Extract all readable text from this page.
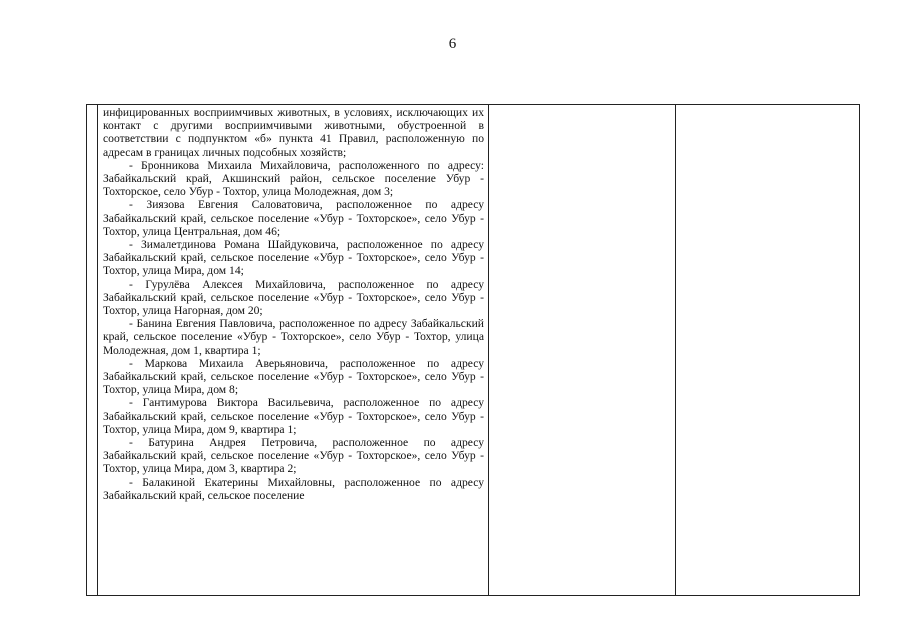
6

инфицированных восприимчивых животных, в условиях, исключающих их контакт с другими восприимчивыми животными, обустроенной в соответствии с подпунктом «б» пункта 41 Правил, расположенную по адресам в границах личных подсобных хозяйств;

- Бронникова Михаила Михайловича, расположенного по адресу: Забайкальский край, Акшинский район, сельское поселение Убур - Тохторское, село Убур - Тохтор, улица Молодежная, дом 3;

- Зиязова Евгения Саловатовича, расположенное по адресу Забайкальский край, сельское поселение «Убур - Тохторское», село Убур - Тохтор, улица Центральная, дом 46;

- Зималетдинова Романа Шайдуковича, расположенное по адресу Забайкальский край, сельское поселение «Убур - Тохторское», село Убур - Тохтор, улица Мира, дом 14;

- Гурулёва Алексея Михайловича, расположенное по адресу Забайкальский край, сельское поселение «Убур - Тохторское», село Убур - Тохтор, улица Нагорная, дом 20;

- Банина Евгения Павловича, расположенное по адресу Забайкальский край, сельское поселение «Убур - Тохторское», село Убур - Тохтор, улица Молодежная, дом 1, квартира 1;

- Маркова Михаила Аверьяновича, расположенное по адресу Забайкальский край, сельское поселение «Убур - Тохторское», село Убур - Тохтор, улица Мира, дом 8;

- Гантимурова Виктора Васильевича, расположенное по адресу Забайкальский край, сельское поселение «Убур - Тохторское», село Убур - Тохтор, улица Мира, дом 9, квартира 1;

- Батурина Андрея Петровича, расположенное по адресу Забайкальский край, сельское поселение «Убур - Тохторское», село Убур - Тохтор, улица Мира, дом 3, квартира 2;

- Балакиной Екатерины Михайловны, расположенное по адресу Забайкальский край, сельское поселение
